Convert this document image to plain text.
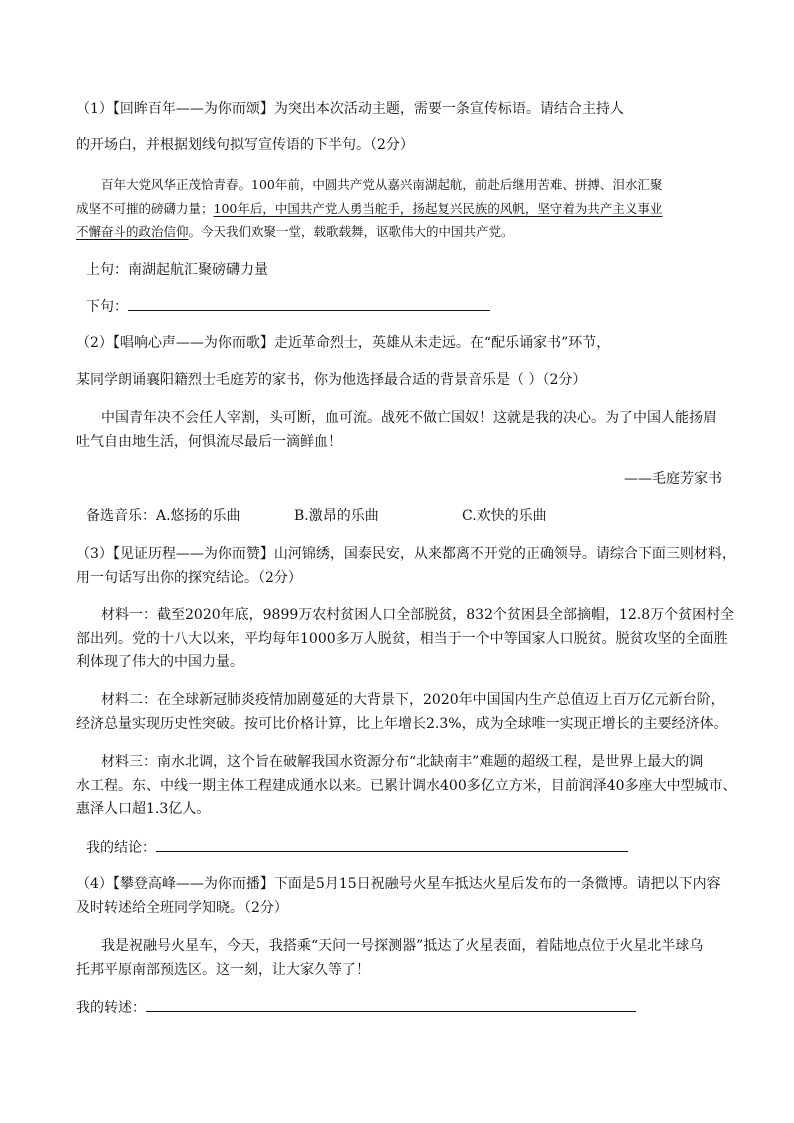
（1）【回眸百年——为你而颂】为突出本次活动主题，需要一条宣传标语。请结合主持人
的开场白，并根据划线句拟写宣传语的下半句。（2分）
百年大党风华正茂恰青春。100年前，中圆共产党从嘉兴南湖起航，前赴后继用苦难、拼搏、泪水汇聚
成坚不可摧的磅礴力量；100年后，中国共产党人勇当舵手，扬起复兴民族的风帆，坚守着为共产主义事业
不懈奋斗的政治信仰。今天我们欢聚一堂，载歌载舞，讴歌伟大的中国共产党。
上句：南湖起航汇聚磅礴力量
下句：
（2）【唱响心声——为你而歌】走近革命烈士，英雄从未走远。在“配乐诵家书”环节，
某同学朗诵襄阳籍烈士毛庭芳的家书，你为他选择最合适的背景音乐是（ ）（2分）
中国青年决不会任人宰割，头可断，血可流。战死不做亡国奴！这就是我的决心。为了中国人能扬眉
吐气自由地生活，何惧流尽最后一滴鲜血！
——毛庭芳家书
备选音乐： A.悠扬的乐曲	B.激昂的乐曲	C.欢快的乐曲
（3）【见证历程——为你而赞】山河锦绣，国泰民安，从来都离不开党的正确领导。请综合下面三则材料，
用一句话写出你的探究结论。（2分）
材料一：截至2020年底，9899万农村贫困人口全部脱贫，832个贫困县全部摘帽，12.8万个贫困村全
部出列。党的十八大以来，平均每年1000多万人脱贫，相当于一个中等国家人口脱贫。脱贫攻坚的全面胜
利体现了伟大的中国力量。
材料二：在全球新冠肺炎疫情加剧蔓延的大背景下，2020年中国国内生产总值迈上百万亿元新台阶，
经济总量实现历史性突破。按可比价格计算，比上年增长2.3%，成为全球唯一实现正增长的主要经济体。
材料三：南水北调，这个旨在破解我国水资源分布“北缺南丰”难题的超级工程，是世界上最大的调
水工程。东、中线一期主体工程建成通水以来。已累计调水400多亿立方米，目前润泽40多座大中型城市、
惠泽人口超1.3亿人。
我的结论：
（4）【攀登高峰——为你而播】下面是5月15日祝融号火星车抵达火星后发布的一条微博。请把以下内容
及时转述给全班同学知晓。（2分）
我是祝融号火星车，今天，我搭乘“天问一号探测器”抵达了火星表面，着陆地点位于火星北半球乌
托邦平原南部预选区。这一刻，让大家久等了！
我的转述：
